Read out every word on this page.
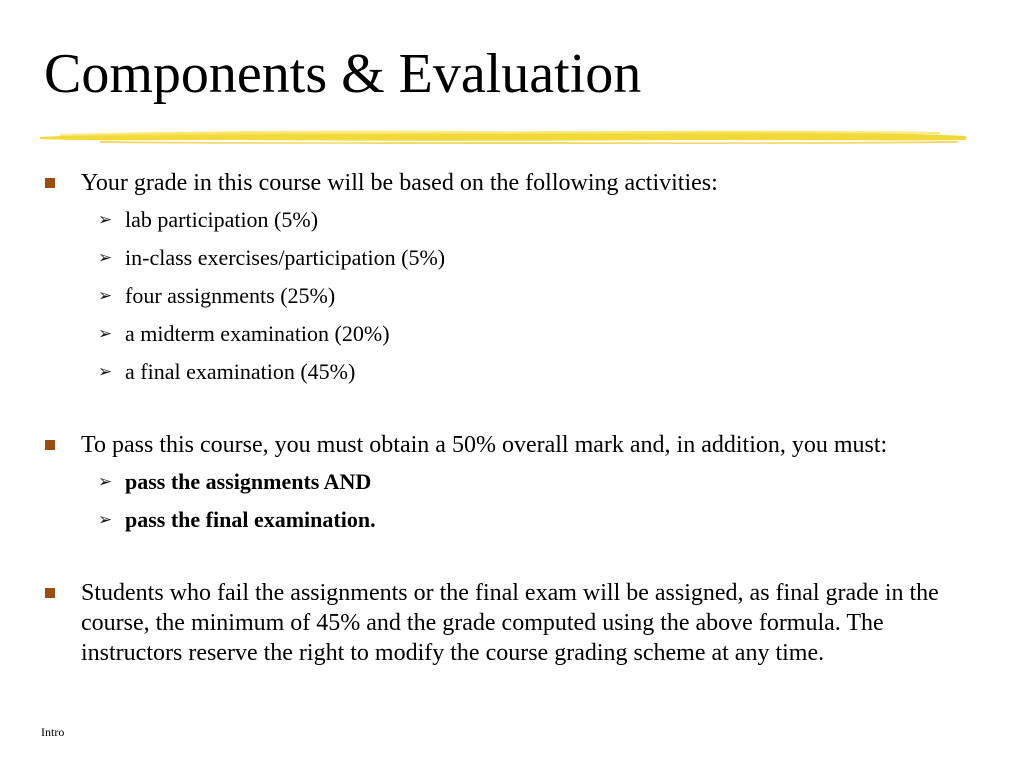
Components & Evaluation
Your grade in this course will be based on the following activities:
➢ lab participation (5%)
➢ in-class exercises/participation (5%)
➢ four assignments (25%)
➢ a midterm examination (20%)
➢ a final examination (45%)
To pass this course, you must obtain a 50% overall mark and, in addition, you must:
➢ pass the assignments AND
➢ pass the final examination.
Students who fail the assignments or the final exam will be assigned, as final grade in the course, the minimum of 45% and the grade computed using the above formula. The instructors reserve the right to modify the course grading scheme at any time.
Intro
